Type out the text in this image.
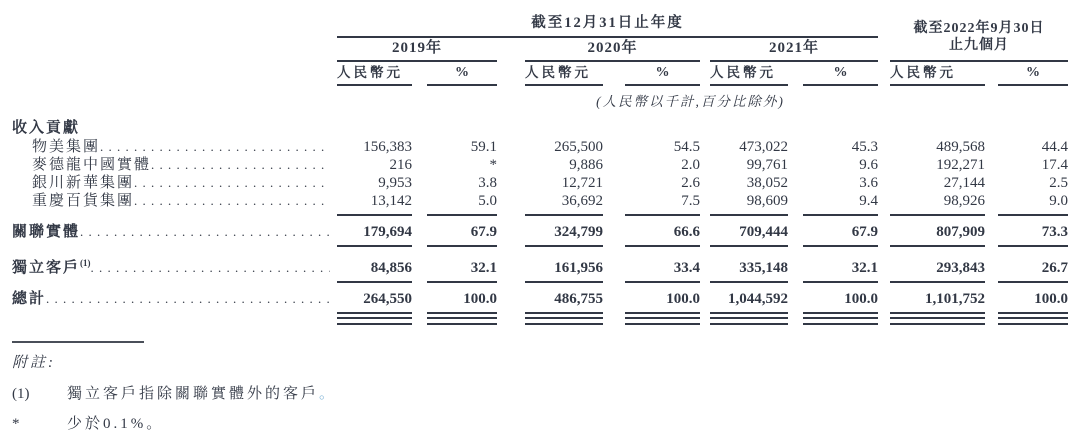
截至12月31日止年度
2019年	2020年	2021年
截至2022年9月30日
止九個月
人民幣元	%	人民幣元	%	人民幣元	%	人民幣元	%
(人民幣以千計,百分比除外)
收入貢獻
物美集團 . . .	156,383	59.1	265,500	54.5	473,022	45.3	489,568	44.4
麥德龍中國實體 . . .	216	*	9,886	2.0	99,761	9.6	192,271	17.4
銀川新華集團 . . .	9,953	3.8	12,721	2.6	38,052	3.6	27,144	2.5
重慶百貨集團 . . .	13,142	5.0	36,692	7.5	98,609	9.4	98,926	9.0
關聯實體 . . .	179,694	67.9	324,799	66.6	709,444	67.9	807,909	73.3
獨立客戶$^{(1)}$ . . .	84,856	32.1	161,956	33.4	335,148	32.1	293,843	26.7
總計 . . .	264,550	100.0	486,755	100.0	1,044,592	100.0	1,101,752	100.0
附註:
(1)	獨立客戶指除關聯實體外的客戶 。
*	少於0.1% 。
